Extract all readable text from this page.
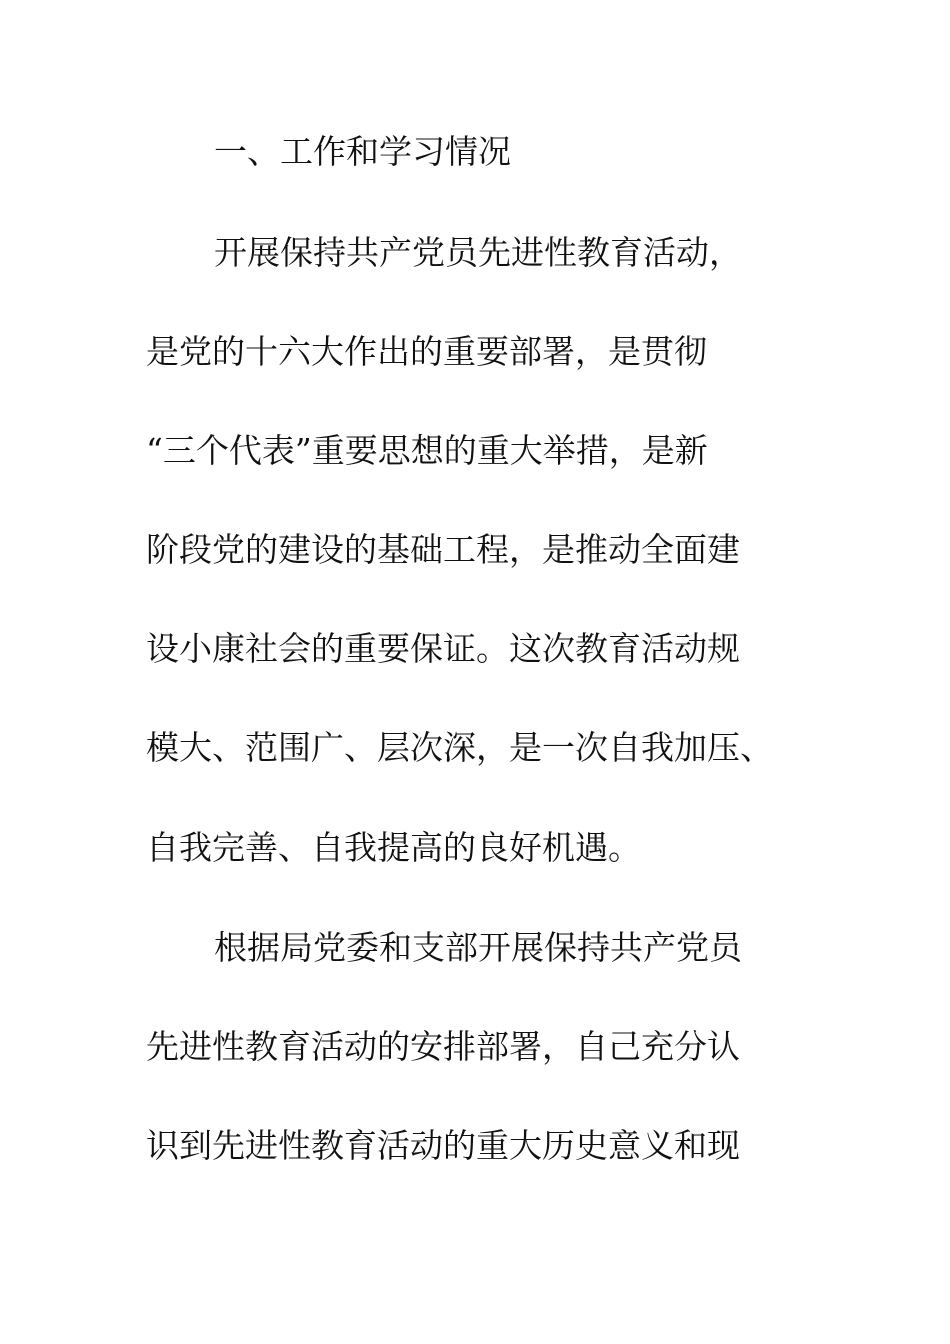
一、工作和学习情况
开展保持共产党员先进性教育活动，
是党的十六大作出的重要部署，是贯彻
“三个代表”重要思想的重大举措，是新
阶段党的建设的基础工程，是推动全面建
设小康社会的重要保证。这次教育活动规
模大、范围广、层次深，是一次自我加压、
自我完善、自我提高的良好机遇。
根据局党委和支部开展保持共产党员
先进性教育活动的安排部署，自己充分认
识到先进性教育活动的重大历史意义和现
